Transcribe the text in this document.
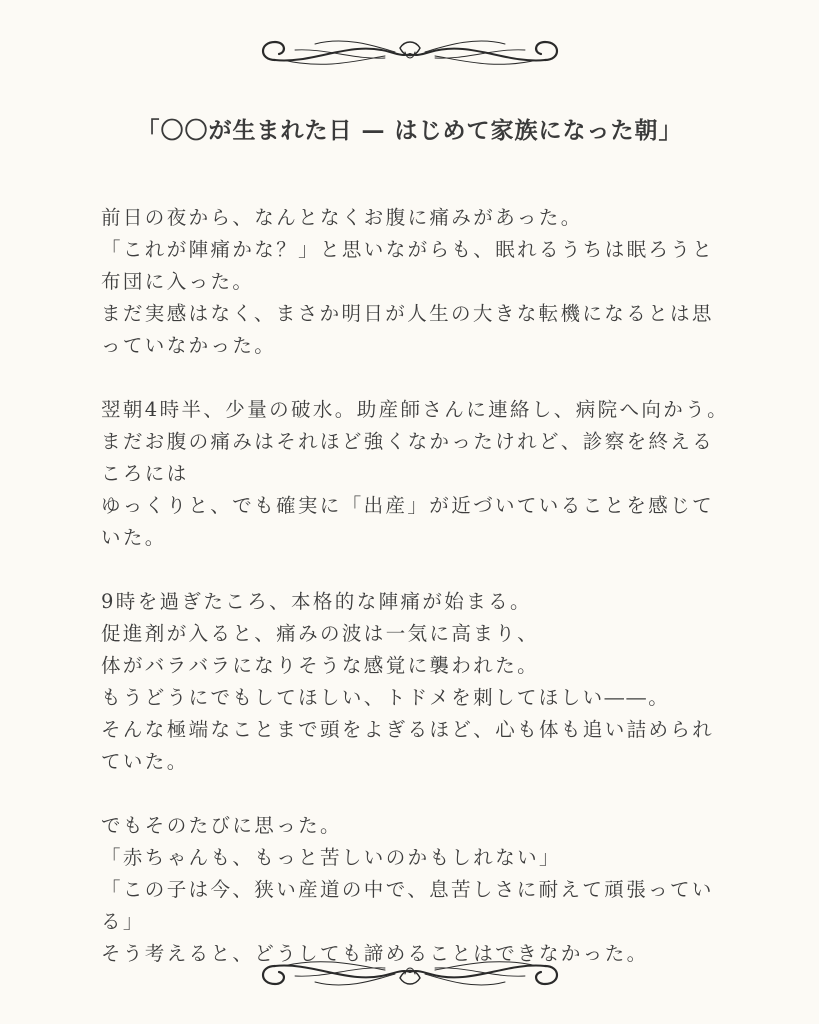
「〇〇が生まれた日 — はじめて家族になった朝」
前日の夜から、なんとなくお腹に痛みがあった。
「これが陣痛かな？」と思いながらも、眠れるうちは眠ろうと
布団に入った。
まだ実感はなく、まさか明日が人生の大きな転機になるとは思
っていなかった。
翌朝4時半、少量の破水。助産師さんに連絡し、病院へ向かう。
まだお腹の痛みはそれほど強くなかったけれど、診察を終える
ころには
ゆっくりと、でも確実に「出産」が近づいていることを感じて
いた。
9時を過ぎたころ、本格的な陣痛が始まる。
促進剤が入ると、痛みの波は一気に高まり、
体がバラバラになりそうな感覚に襲われた。
もうどうにでもしてほしい、トドメを刺してほしい――。
そんな極端なことまで頭をよぎるほど、心も体も追い詰められ
ていた。
でもそのたびに思った。
「赤ちゃんも、もっと苦しいのかもしれない」
「この子は今、狭い産道の中で、息苦しさに耐えて頑張ってい
る」
そう考えると、どうしても諦めることはできなかった。
